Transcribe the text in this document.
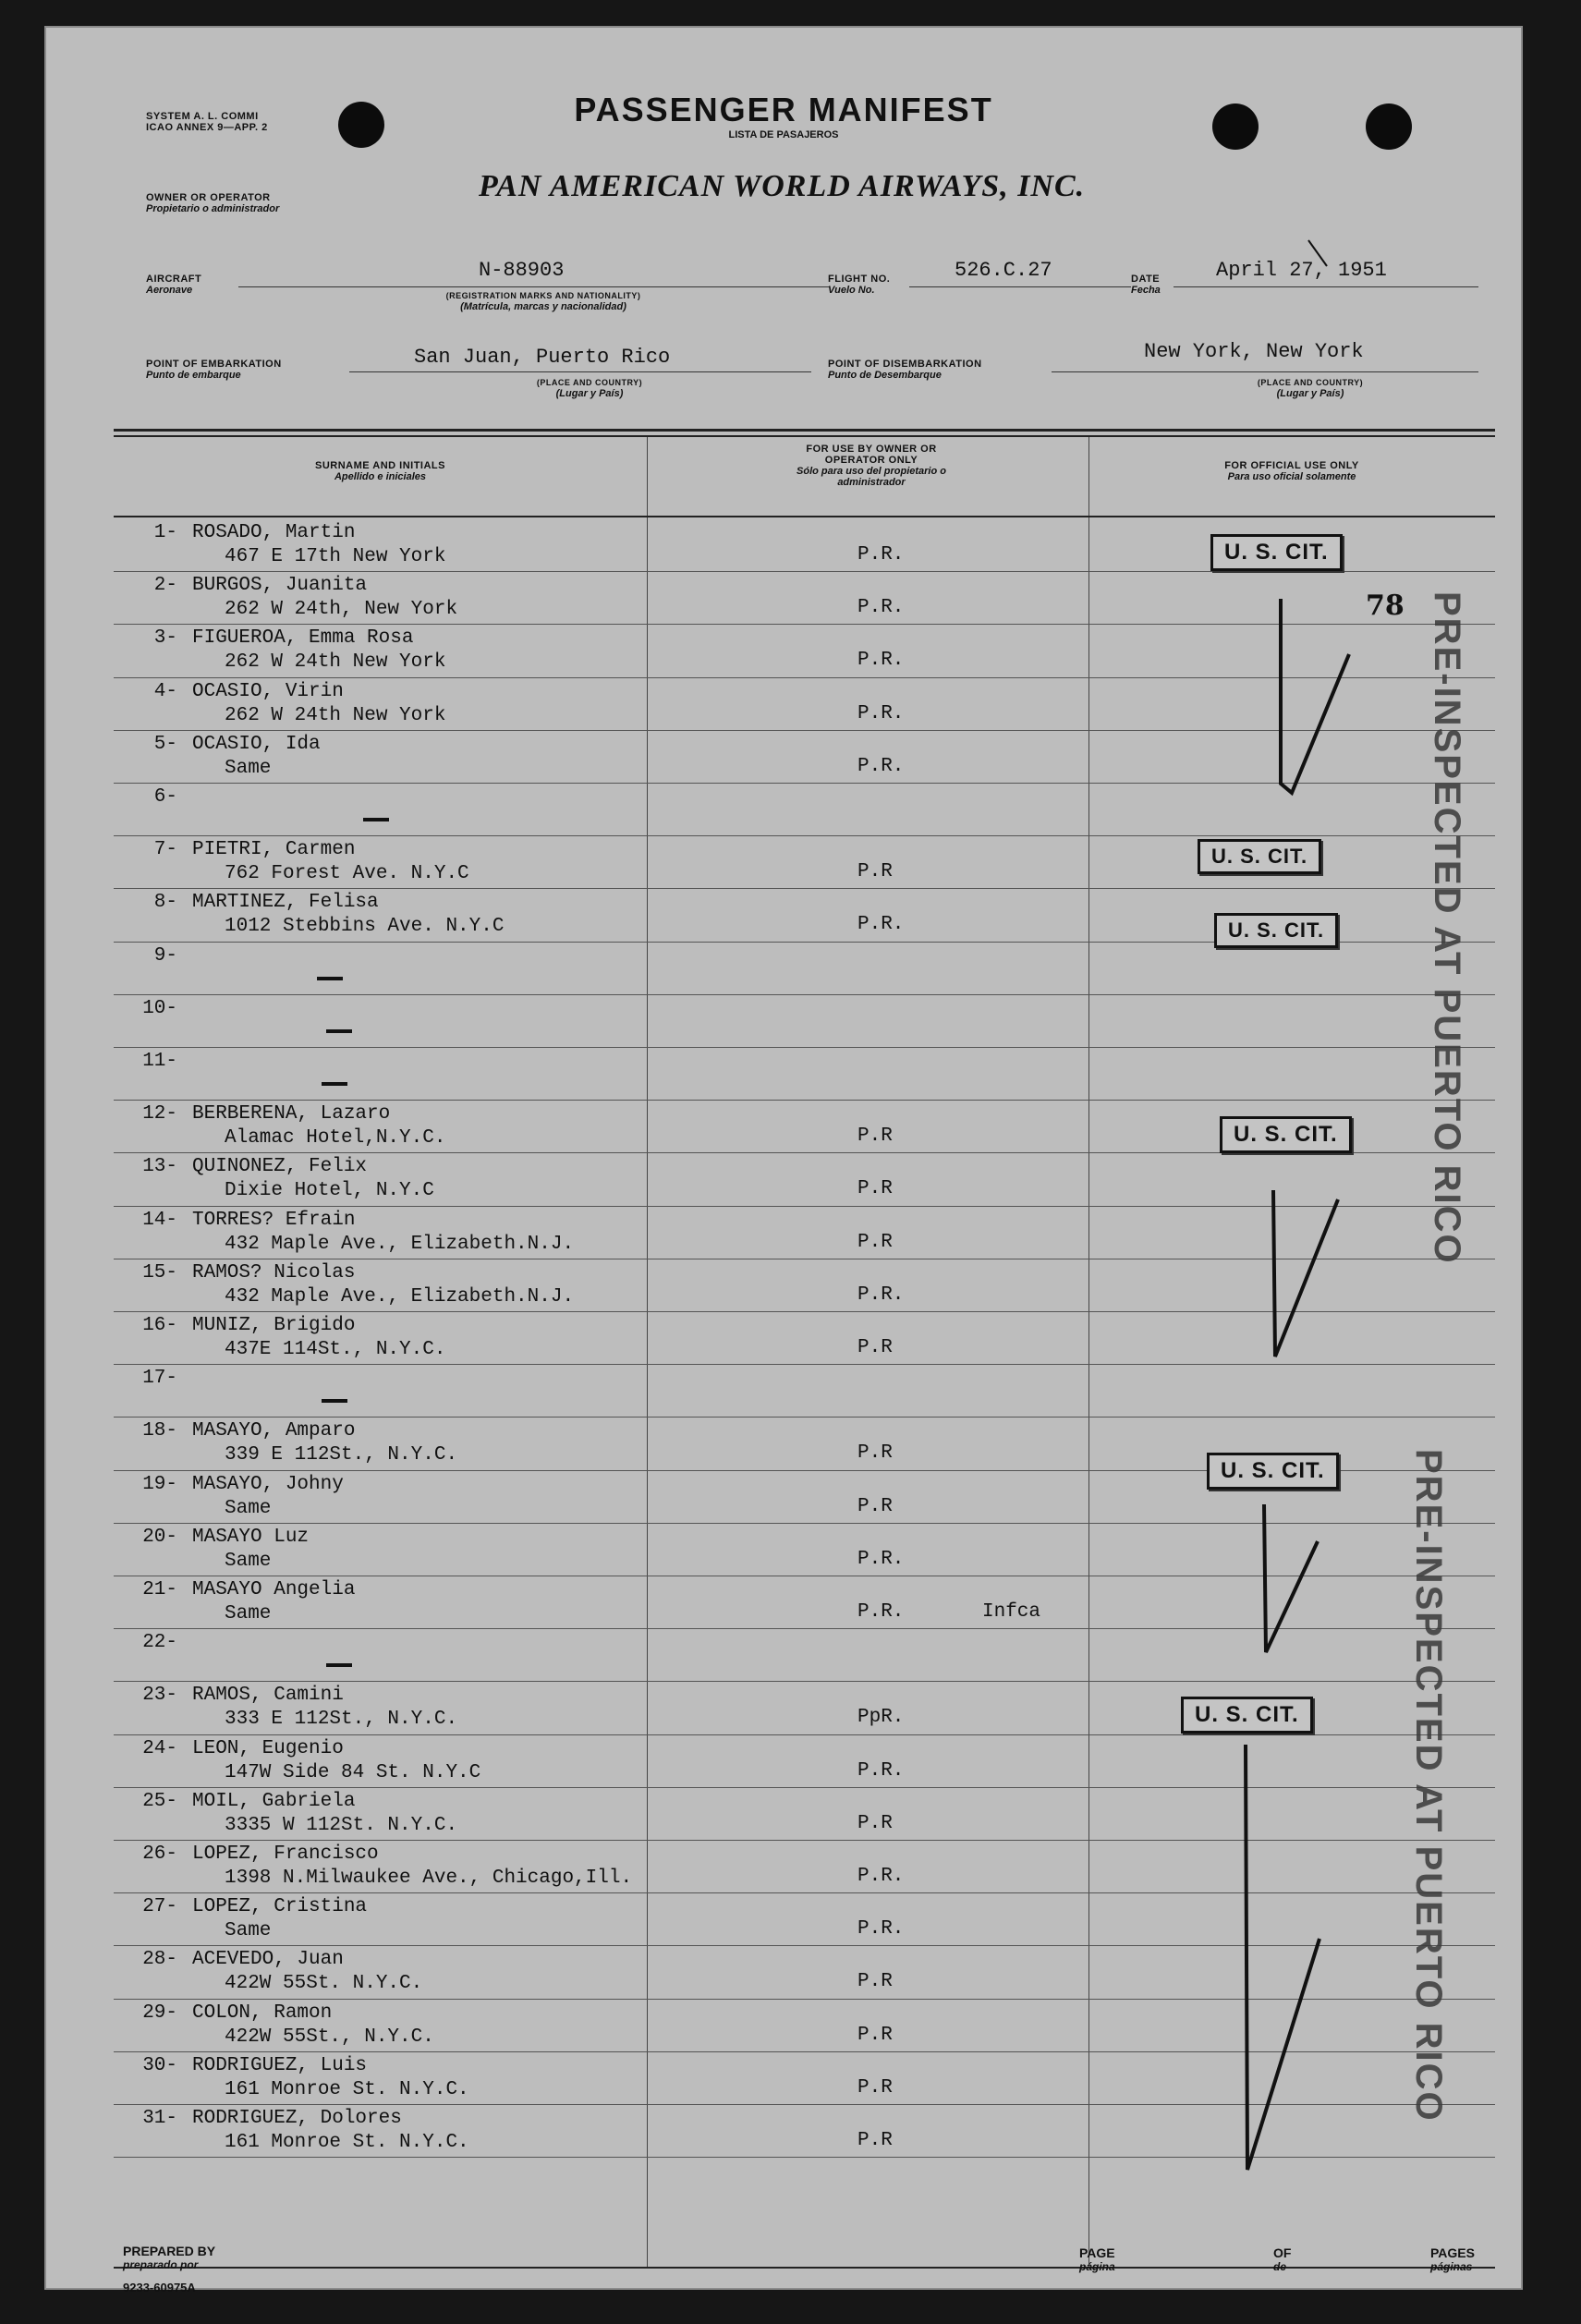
SYSTEM A. L. COMMI
ICAO ANNEX 9—APP. 2	PASSENGER MANIFEST
LISTA DE PASAJEROS
OWNER OR OPERATOR
Propietario o administrador
PAN AMERICAN WORLD AIRWAYS, INC.
AIRCRAFT
Aeronave
N-88903
(REGISTRATION MARKS AND NATIONALITY)
(Matrícula, marcas y nacionalidad)
FLIGHT NO.
Vuelo No.
526.C.27	DATE
Fecha
April 27, 1951
POINT OF EMBARKATION
Punto de embarque
San Juan, Puerto Rico
(PLACE AND COUNTRY)
(Lugar y País)
POINT OF DISEMBARKATION
Punto de Desembarque
New York, New York
(PLACE AND COUNTRY)
(Lugar y País)
SURNAME AND INITIALS
Apellido e iniciales
FOR USE BY OWNER OR OPERATOR ONLY
Sólo para uso del propietario o administrador
FOR OFFICIAL USE ONLY
Para uso oficial solamente
1- ROSADO, Martin
467 E 17th New York	P.R.
2- BURGOS, Juanita
262 W 24th, New York	P.R.
3- FIGUEROA, Emma Rosa
262 W 24th New York	P.R.
4- OCASIO, Virin
262 W 24th New York	P.R.
5- OCASIO, Ida
Same	P.R.
6-
7- PIETRI, Carmen
762 Forest Ave. N.Y.C	P.R
8- MARTINEZ, Felisa
1012 Stebbins Ave. N.Y.C	P.R.
9-
10-
11-
12- BERBERENA, Lazaro
Alamac Hotel,N.Y.C.	P.R
13- QUINONEZ, Felix
Dixie Hotel, N.Y.C	P.R
14- TORRES? Efrain
432 Maple Ave., Elizabeth.N.J.	P.R
15- RAMOS? Nicolas
432 Maple Ave., Elizabeth.N.J.	P.R.
16- MUNIZ, Brigido
437E 114St., N.Y.C.	P.R
17-
18- MASAYO, Amparo
339 E 112St., N.Y.C.	P.R
19- MASAYO, Johny
Same	P.R
20- MASAYO Luz
Same	P.R.
21- MASAYO Angelia
Same	P.R.	Infca
22-
23- RAMOS, Camini
333 E 112St., N.Y.C.	PpR.
24- LEON, Eugenio
147W Side 84 St. N.Y.C	P.R.
25- MOIL, Gabriela
3335 W 112St. N.Y.C.	P.R
26- LOPEZ, Francisco
1398 N.Milwaukee Ave., Chicago,Ill.	P.R.
27- LOPEZ, Cristina
Same	P.R.
28- ACEVEDO, Juan
422W 55St. N.Y.C.	P.R
29- COLON, Ramon
422W 55St., N.Y.C.	P.R
30- RODRIGUEZ, Luis
161 Monroe St. N.Y.C.	P.R
31- RODRIGUEZ, Dolores
161 Monroe St. N.Y.C.	P.R
U. S. CIT.
U. S. CIT.
U. S. CIT.
U. S. CIT.
U. S. CIT.
U. S. CIT.
78 PRE-INSPECTED AT PUERTO RICO
PRE-INSPECTED AT PUERTO RICO
PREPARED BY
preparado por
PAGE
página
OF
de
PAGES
páginas
9233-60975A
